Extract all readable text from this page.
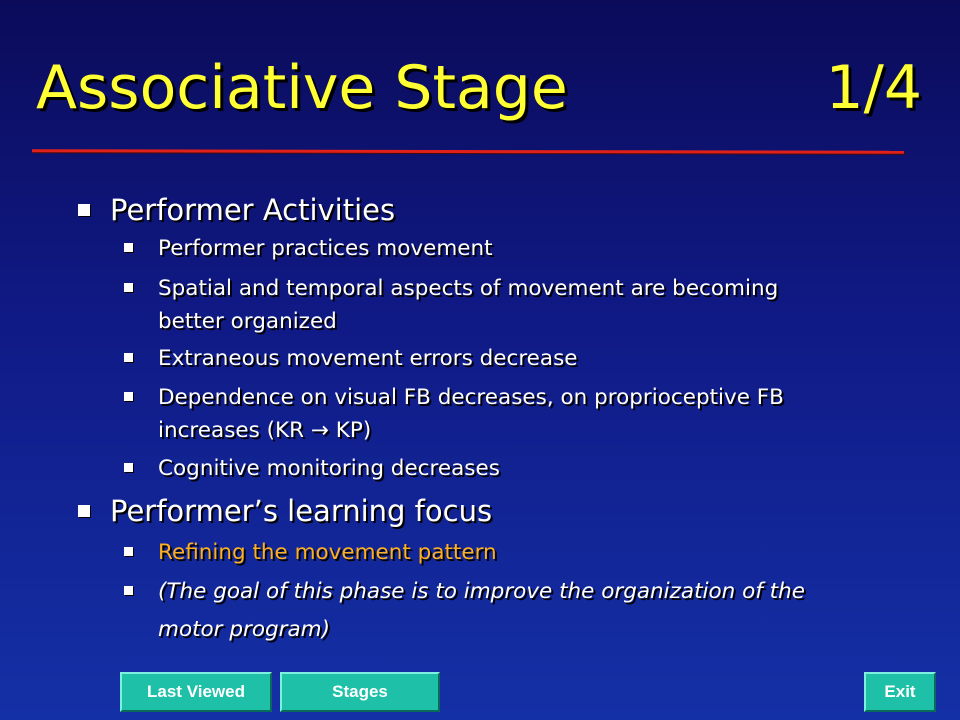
Associative Stage	1/4
Performer Activities
Performer practices movement
Spatial and temporal aspects of movement are becoming
better organized
Extraneous movement errors decrease
Dependence on visual FB decreases, on proprioceptive FB
increases (KR → KP)
Cognitive monitoring decreases
Performer’s learning focus
Refining the movement pattern
(The goal of this phase is to improve the organization of the
motor program)
Last Viewed	Stages	Exit
